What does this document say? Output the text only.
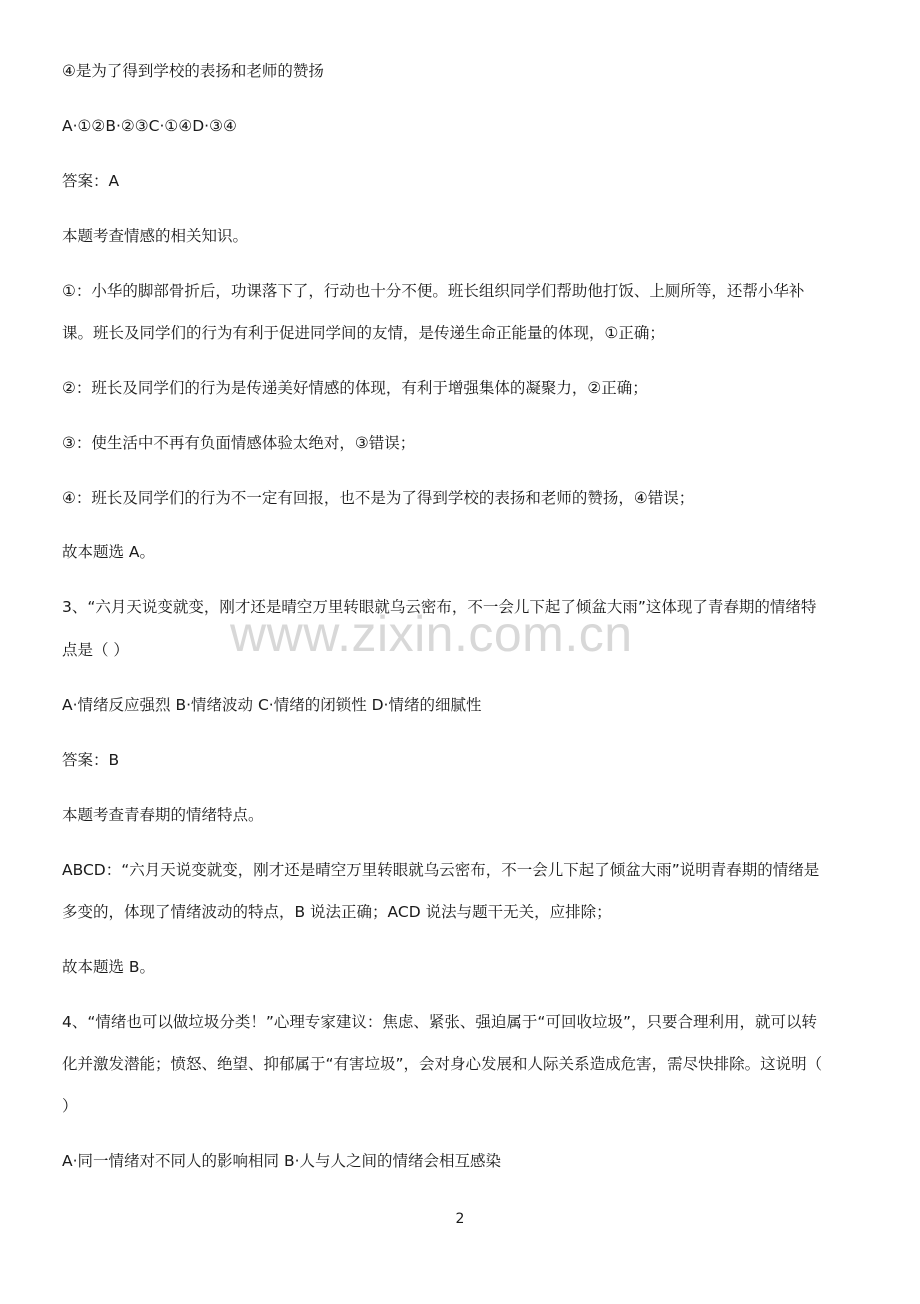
④是为了得到学校的表扬和老师的赞扬
A·①②B·②③C·①④D·③④
答案：A
本题考查情感的相关知识。
①：小华的脚部骨折后，功课落下了，行动也十分不便。班长组织同学们帮助他打饭、上厕所等，还帮小华补
课。班长及同学们的行为有利于促进同学间的友情，是传递生命正能量的体现，①正确；
②：班长及同学们的行为是传递美好情感的体现，有利于增强集体的凝聚力，②正确；
③：使生活中不再有负面情感体验太绝对，③错误；
④：班长及同学们的行为不一定有回报，也不是为了得到学校的表扬和老师的赞扬，④错误；
故本题选 A。
3、“六月天说变就变，刚才还是晴空万里转眼就乌云密布，不一会儿下起了倾盆大雨”这体现了青春期的情绪特
点是（ ）
A·情绪反应强烈 B·情绪波动 C·情绪的闭锁性 D·情绪的细腻性
答案：B
本题考查青春期的情绪特点。
ABCD：“六月天说变就变，刚才还是晴空万里转眼就乌云密布，不一会儿下起了倾盆大雨”说明青春期的情绪是
多变的，体现了情绪波动的特点，B 说法正确；ACD 说法与题干无关，应排除；
故本题选 B。
4、“情绪也可以做垃圾分类！”心理专家建议：焦虑、紧张、强迫属于“可回收垃圾”，只要合理利用，就可以转
化并激发潜能；愤怒、绝望、抑郁属于“有害垃圾”，会对身心发展和人际关系造成危害，需尽快排除。这说明（
）
A·同一情绪对不同人的影响相同 B·人与人之间的情绪会相互感染
www.zixin.com.cn
2
